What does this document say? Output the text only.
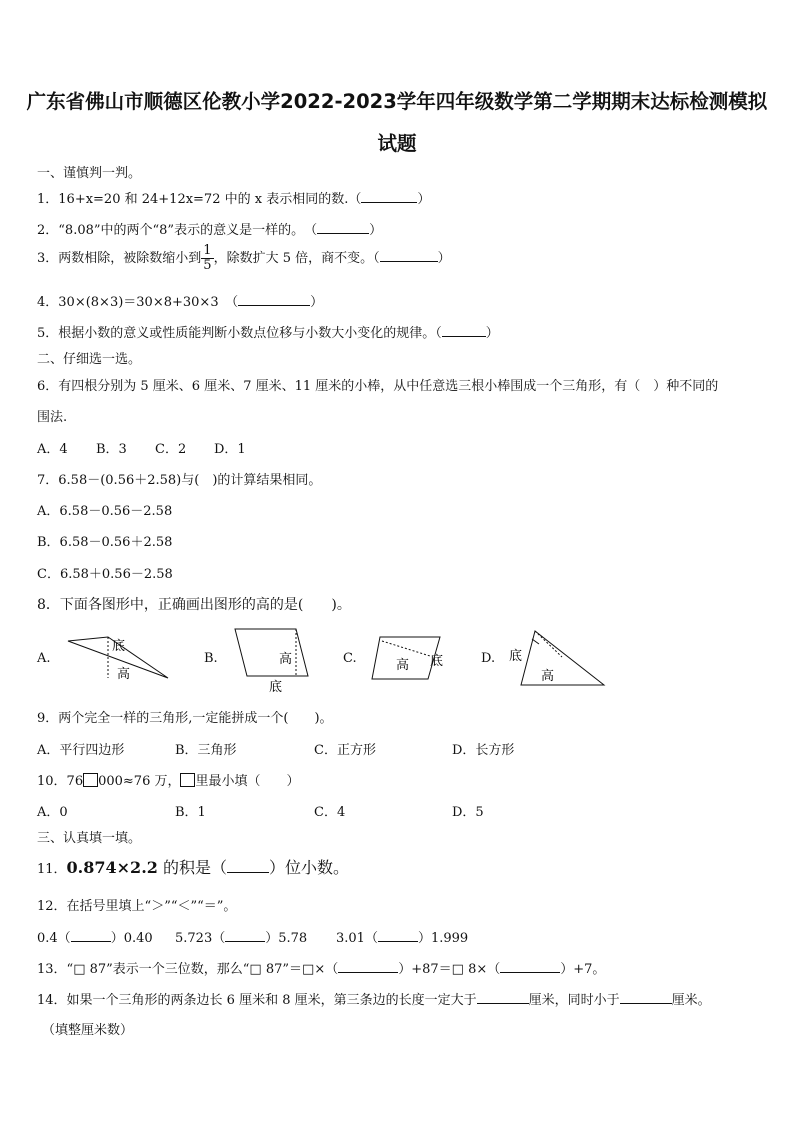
广东省佛山市顺德区伦教小学2022-2023学年四年级数学第二学期期末达标检测模拟
试题
一、谨慎判一判。
1．16+x=20 和 24+12x=72 中的 x 表示相同的数.（	）
2．“8.08”中的两个“8”表示的意义是一样的。　（	）
3．两数相除，被除数缩小到 $\frac{1}{5}$ ，除数扩大 5 倍，商不变。（	）
4．30×(8×3)＝30×8+30×3　（	）
5．根据小数的意义或性质能判断小数点位移与小数大小变化的规律。（	）
二、仔细选一选。
6．有四根分别为 5 厘米、6 厘米、7 厘米、11 厘米的小棒，从中任意选三根小棒围成一个三角形，有（　）种不同的
围法.
A．4 B．3 C．2 D．1
7．6.58－(0.56＋2.58)与(　)的计算结果相同。
A．6.58－0.56－2.58
B．6.58－0.56＋2.58
C．6.58＋0.56－2.58
8．下面各图形中，正确画出图形的高的是(　　)。
A.	B.	C.	D.
底
高
高
底
高 底	底
高
9．两个完全一样的三角形,一定能拼成一个(　　)。
A．平行四边形	B．三角形	C．正方形	D．长方形
10．76 000≈76 万， 里最小填（　　）
A．0	B．1	C．4	D．5
三、认真填一填。
11．0.874×2.2 的积是（	）位小数。
12．在括号里填上“＞”“＜”“＝”。
0.4（	）0.40 5.723（	）5.78 3.01（	）1.999
13．“□ 87”表示一个三位数，那么“□ 87”＝□×（	）+87＝□ 8×（	）+7。
14．如果一个三角形的两条边长 6 厘米和 8 厘米，第三条边的长度一定大于	厘米，同时小于	厘米。
（填整厘米数）
